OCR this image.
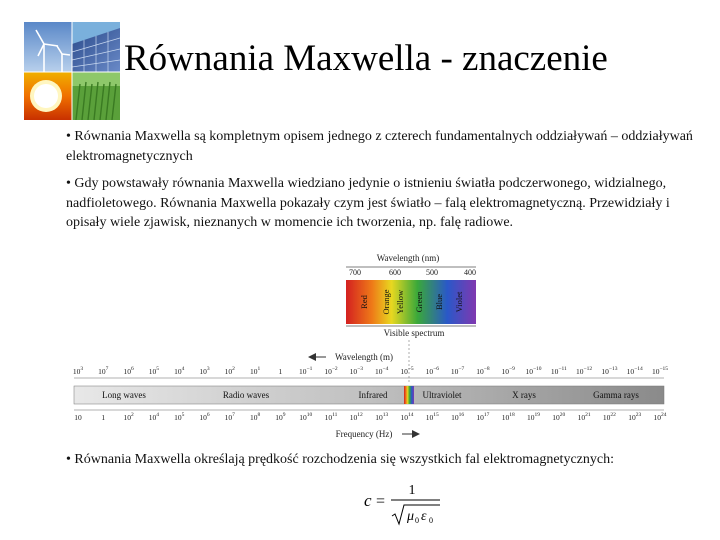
Równania Maxwella - znaczenie
• Równania Maxwella są kompletnym opisem jednego z czterech fundamentalnych oddziaływań – oddziaływań elektromagnetycznych
• Gdy powstawały równania Maxwella wiedziano jedynie o istnieniu światła podczerwonego, widzialnego, nadfioletowego. Równania Maxwella pokazały czym jest światło – falą elektromagnetyczną. Przewidziały i opisały wiele zjawisk, nieznanych w momencie ich tworzenia, np. falę radiowe.
Wavelength (nm)
700	600	500	400
Red Orange Yellow Green Blue Violet
Visible spectrum
Wavelength (m)
$10^3$ $10^7$ $10^6$ $10^5$ $10^4$ $10^3$ $10^2$ $10^1$ 1 $10^{-1}$ $10^{-2}$ $10^{-3}$ $10^{-4}$ $10^{-5}$ $10^{-6}$ $10^{-7}$ $10^{-8}$ $10^{-9}$ $10^{-10}$ $10^{-11}$ $10^{-12}$ $10^{-13}$ $10^{-14}$ $10^{-15}$
Long waves	Radio waves	Infrared	Ultraviolet	X rays	Gamma rays
10	1 $10^2$ $10^4$ $10^5$ $10^6$ $10^7$ $10^8$ $10^9$ $10^{10}$ $10^{11}$ $10^{12}$ $10^{13}$ $10^{14}$ $10^{15}$ $10^{16}$ $10^{17}$ $10^{18}$ $10^{19}$ $10^{20}$ $10^{21}$ $10^{22}$ $10^{23}$ $10^{24}$
Frequency (Hz)
• Równania Maxwella określają prędkość rozchodzenia się wszystkich fal elektromagnetycznych:
c =
1
μ 0 ε 0
